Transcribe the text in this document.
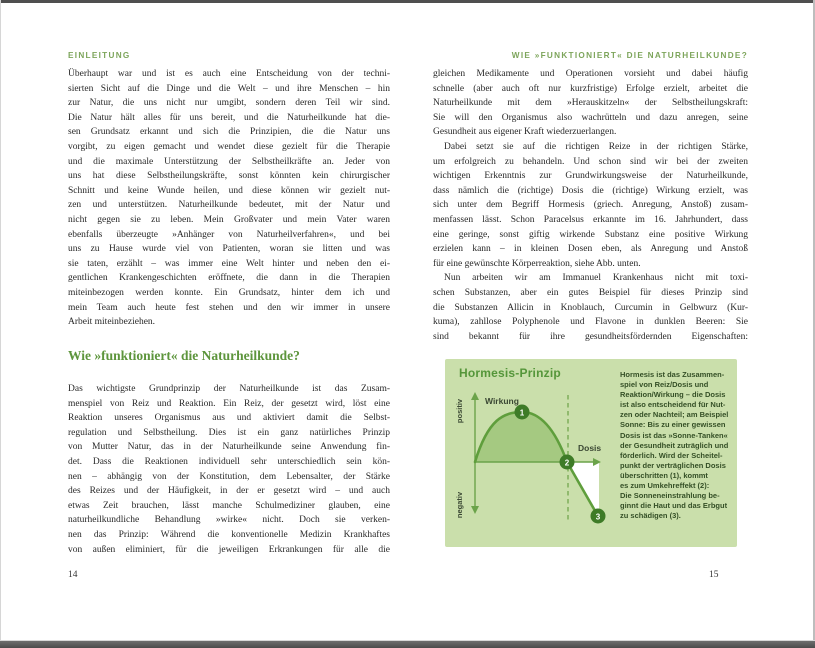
EINLEITUNG
Überhaupt war und ist es auch eine Entscheidung von der techni-
sierten Sicht auf die Dinge und die Welt – und ihre Menschen – hin
zur Natur, die uns nicht nur umgibt, sondern deren Teil wir sind.
Die Natur hält alles für uns bereit, und die Naturheilkunde hat die-
sen Grundsatz erkannt und sich die Prinzipien, die die Natur uns
vorgibt, zu eigen gemacht und wendet diese gezielt für die Therapie
und die maximale Unterstützung der Selbstheilkräfte an. Jeder von
uns hat diese Selbstheilungskräfte, sonst könnten kein chirurgischer
Schnitt und keine Wunde heilen, und diese können wir gezielt nut-
zen und unterstützen. Naturheilkunde bedeutet, mit der Natur und
nicht gegen sie zu leben. Mein Großvater und mein Vater waren
ebenfalls überzeugte »Anhänger von Naturheilverfahren«, und bei
uns zu Hause wurde viel von Patienten, woran sie litten und was
sie taten, erzählt – was immer eine Welt hinter und neben den ei-
gentlichen Krankengeschichten eröffnete, die dann in die Therapien
miteinbezogen werden konnte. Ein Grundsatz, hinter dem ich und
mein Team auch heute fest stehen und den wir immer in unsere
Arbeit miteinbeziehen.
Wie »funktioniert« die Naturheilkunde?
Das wichtigste Grundprinzip der Naturheilkunde ist das Zusam-
menspiel von Reiz und Reaktion. Ein Reiz, der gesetzt wird, löst eine
Reaktion unseres Organismus aus und aktiviert damit die Selbst-
regulation und Selbstheilung. Dies ist ein ganz natürliches Prinzip
von Mutter Natur, das in der Naturheilkunde seine Anwendung fin-
det. Dass die Reaktionen individuell sehr unterschiedlich sein kön-
nen – abhängig von der Konstitution, dem Lebensalter, der Stärke
des Reizes und der Häufigkeit, in der er gesetzt wird – und auch
etwas Zeit brauchen, lässt manche Schulmediziner glauben, eine
naturheilkundliche Behandlung »wirke« nicht. Doch sie verken-
nen das Prinzip: Während die konventionelle Medizin Krankhaftes
von außen eliminiert, für die jeweiligen Erkrankungen für alle die
14
WIE »FUNKTIONIERT« DIE NATURHEILKUNDE?
gleichen Medikamente und Operationen vorsieht und dabei häufig
schnelle (aber auch oft nur kurzfristige) Erfolge erzielt, arbeitet die
Naturheilkunde mit dem »Herauskitzeln« der Selbstheilungskraft:
Sie will den Organismus also wachrütteln und dazu anregen, seine
Gesundheit aus eigener Kraft wiederzuerlangen.
Dabei setzt sie auf die richtigen Reize in der richtigen Stärke,
um erfolgreich zu behandeln. Und schon sind wir bei der zweiten
wichtigen Erkenntnis zur Grundwirkungsweise der Naturheilkunde,
dass nämlich die (richtige) Dosis die (richtige) Wirkung erzielt, was
sich unter dem Begriff Hormesis (griech. Anregung, Anstoß) zusam-
menfassen lässt. Schon Paracelsus erkannte im 16. Jahrhundert, dass
eine geringe, sonst giftig wirkende Substanz eine positive Wirkung
erzielen kann – in kleinen Dosen eben, als Anregung und Anstoß
für eine gewünschte Körperreaktion, siehe Abb. unten.
Nun arbeiten wir am Immanuel Krankenhaus nicht mit toxi-
schen Substanzen, aber ein gutes Beispiel für dieses Prinzip sind
die Substanzen Allicin in Knoblauch, Curcumin in Gelbwurz (Kur-
kuma), zahllose Polyphenole und Flavone in dunklen Beeren: Sie
sind bekannt für ihre gesundheitsfördernden Eigenschaften:
15
1
2
3
Wirkung
Dosis
positiv
negativ
Hormesis-Prinzip	Hormesis ist das Zusammen-
spiel von Reiz/Dosis und
Reaktion/Wirkung – die Dosis
ist also entscheidend für Nut-
zen oder Nachteil; am Beispiel
Sonne: Bis zu einer gewissen
Dosis ist das »Sonne-Tanken«
der Gesundheit zuträglich und
förderlich. Wird der Scheitel-
punkt der verträglichen Dosis
überschritten (1), kommt
es zum Umkehreffekt (2):
Die Sonneneinstrahlung be-
ginnt die Haut und das Erbgut
zu schädigen (3).
